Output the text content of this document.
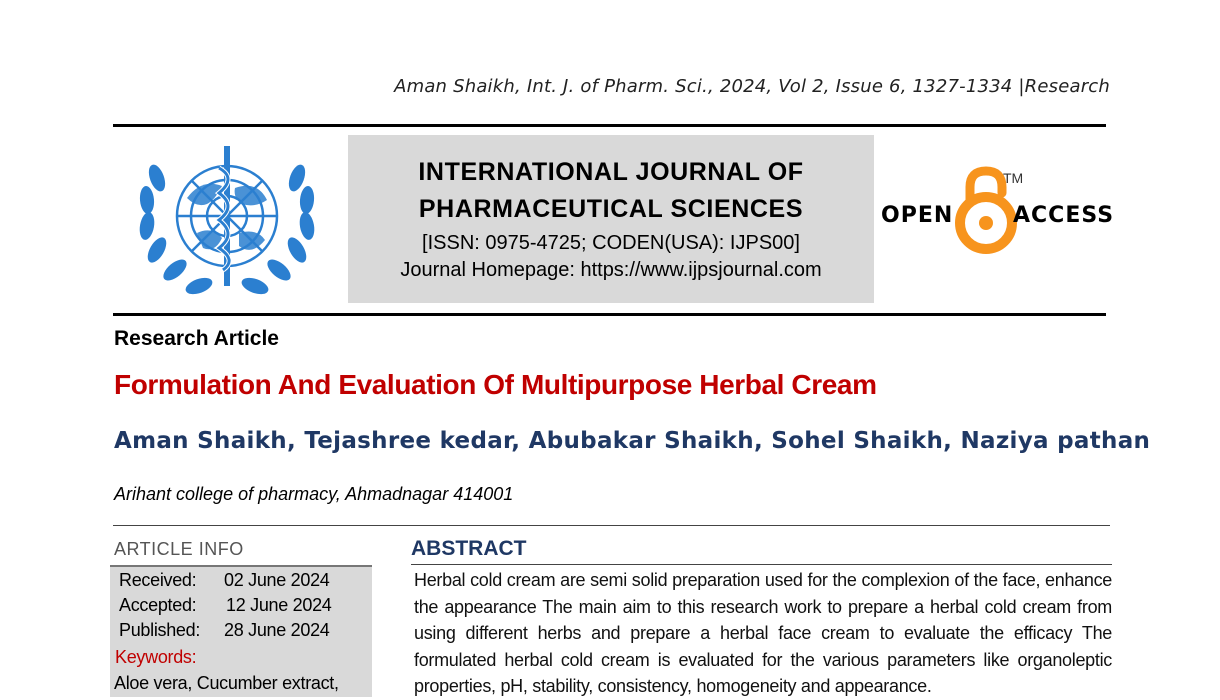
Aman Shaikh, Int. J. of Pharm. Sci., 2024, Vol 2, Issue 6, 1327-1334 |Research
INTERNATIONAL JOURNAL OF
PHARMACEUTICAL SCIENCES
[ISSN: 0975-4725; CODEN(USA): IJPS00]
Journal Homepage: https://www.ijpsjournal.com
OPEN	ACCESS
TM
Research Article
Formulation And Evaluation Of Multipurpose Herbal Cream
Aman Shaikh, Tejashree kedar, Abubakar Shaikh, Sohel Shaikh, Naziya pathan
Arihant college of pharmacy, Ahmadnagar 414001
ARTICLE INFO
Received: 02 June 2024
Accepted: 12 June 2024
Published: 28 June 2024
Keywords:
Aloe vera, Cucumber extract,
ABSTRACT
Herbal cold cream are semi solid preparation used for the complexion of the face, enhance the appearance The main aim to this research work to prepare a herbal cold cream from using different herbs and prepare a herbal face cream to evaluate the efficacy The formulated herbal cold cream is evaluated for the various parameters like organoleptic properties, pH, stability, consistency, homogeneity and appearance.
